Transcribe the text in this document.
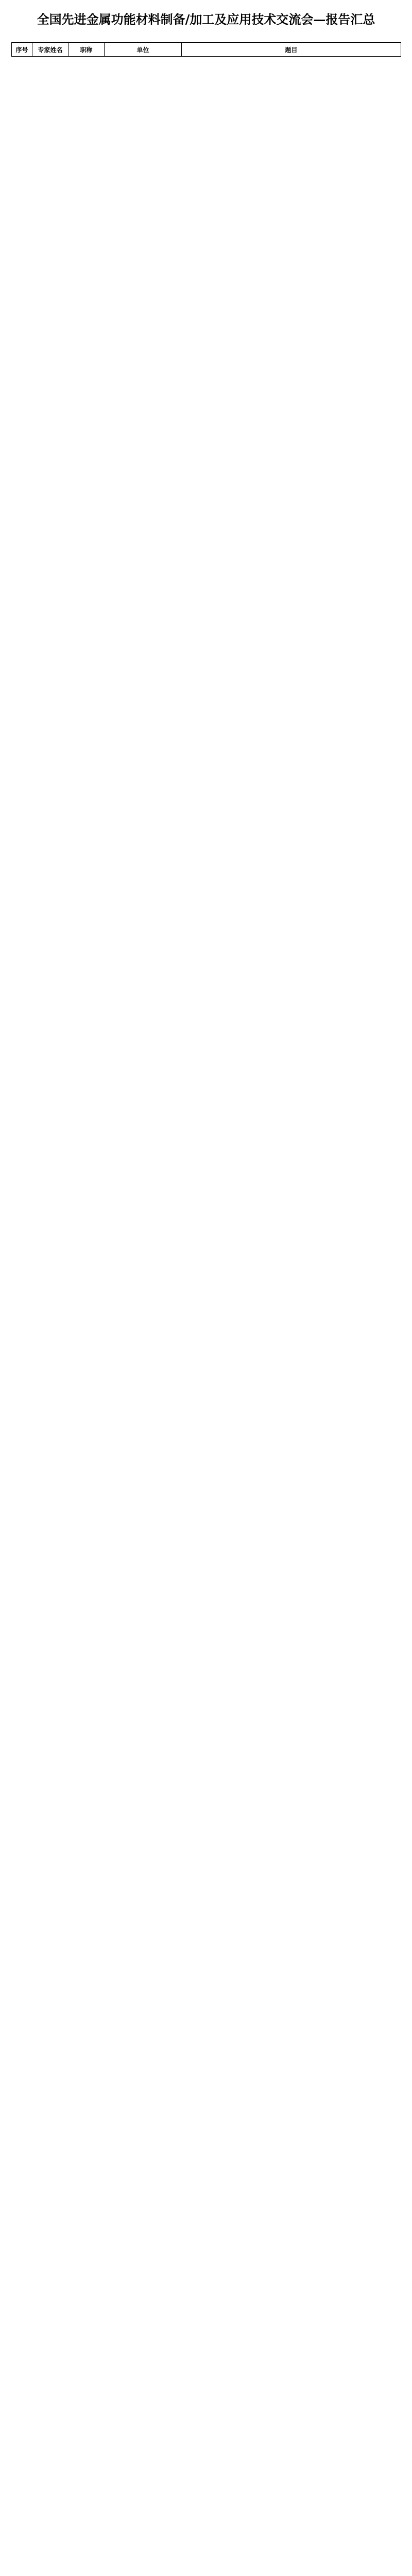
全国先进金属功能材料制备/加工及应用技术交流会—报告汇总
序号	专家姓名	职称	单位	题目
